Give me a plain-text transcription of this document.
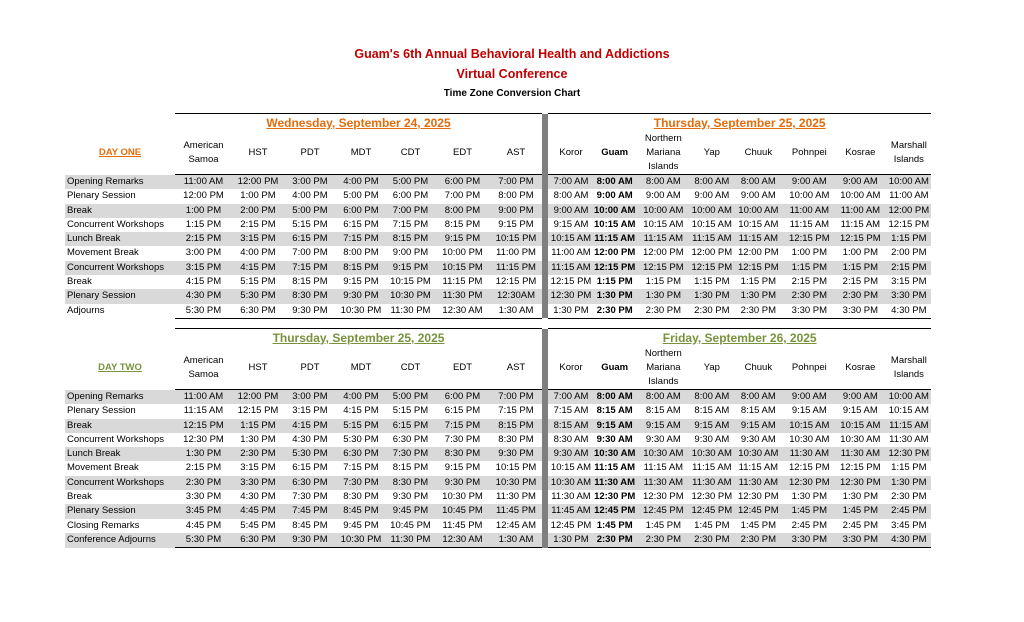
Guam's 6th Annual Behavioral Health and Addictions
Virtual Conference
Time Zone Conversion Chart
	Wednesday, September 24, 2025								Thursday, September 25, 2025							
DAY ONE	American Samoa	HST	PDT	MDT	CDT	EDT	AST		Koror	Guam	Northern Mariana Islands	Yap	Chuuk	Pohnpei	Kosrae	Marshall Islands
Opening Remarks	11:00 AM	12:00 PM	3:00 PM	4:00 PM	5:00 PM	6:00 PM	7:00 PM		7:00 AM	8:00 AM	8:00 AM	8:00 AM	8:00 AM	9:00 AM	9:00 AM	10:00 AM
Plenary Session	12:00 PM	1:00 PM	4:00 PM	5:00 PM	6:00 PM	7:00 PM	8:00 PM		8:00 AM	9:00 AM	9:00 AM	9:00 AM	9:00 AM	10:00 AM	10:00 AM	11:00 AM
Break	1:00 PM	2:00 PM	5:00 PM	6:00 PM	7:00 PM	8:00 PM	9:00 PM		9:00 AM	10:00 AM	10:00 AM	10:00 AM	10:00 AM	11:00 AM	11:00 AM	12:00 PM
Concurrent Workshops	1:15 PM	2:15 PM	5:15 PM	6:15 PM	7:15 PM	8:15 PM	9:15 PM		9:15 AM	10:15 AM	10:15 AM	10:15 AM	10:15 AM	11:15 AM	11:15 AM	12:15 PM
Lunch Break	2:15 PM	3:15 PM	6:15 PM	7:15 PM	8:15 PM	9:15 PM	10:15 PM		10:15 AM	11:15 AM	11:15 AM	11:15 AM	11:15 AM	12:15 PM	12:15 PM	1:15 PM
Movement Break	3:00 PM	4:00 PM	7:00 PM	8:00 PM	9:00 PM	10:00 PM	11:00 PM		11:00 AM	12:00 PM	12:00 PM	12:00 PM	12:00 PM	1:00 PM	1:00 PM	2:00 PM
Concurrent Workshops	3:15 PM	4:15 PM	7:15 PM	8:15 PM	9:15 PM	10:15 PM	11:15 PM		11:15 AM	12:15 PM	12:15 PM	12:15 PM	12:15 PM	1:15 PM	1:15 PM	2:15 PM
Break	4:15 PM	5:15 PM	8:15 PM	9:15 PM	10:15 PM	11:15 PM	12:15 PM		12:15 PM	1:15 PM	1:15 PM	1:15 PM	1:15 PM	2:15 PM	2:15 PM	3:15 PM
Plenary Session	4:30 PM	5:30 PM	8:30 PM	9:30 PM	10:30 PM	11:30 PM	12:30AM		12:30 PM	1:30 PM	1:30 PM	1:30 PM	1:30 PM	2:30 PM	2:30 PM	3:30 PM
Adjourns	5:30 PM	6:30 PM	9:30 PM	10:30 PM	11:30 PM	12:30 AM	1:30 AM		1:30 PM	2:30 PM	2:30 PM	2:30 PM	2:30 PM	3:30 PM	3:30 PM	4:30 PM
	Thursday, September 25, 2025								Friday, September 26, 2025							
DAY TWO	American Samoa	HST	PDT	MDT	CDT	EDT	AST		Koror	Guam	Northern Mariana Islands	Yap	Chuuk	Pohnpei	Kosrae	Marshall Islands
Opening Remarks	11:00 AM	12:00 PM	3:00 PM	4:00 PM	5:00 PM	6:00 PM	7:00 PM		7:00 AM	8:00 AM	8:00 AM	8:00 AM	8:00 AM	9:00 AM	9:00 AM	10:00 AM
Plenary Session	11:15 AM	12:15 PM	3:15 PM	4:15 PM	5:15 PM	6:15 PM	7:15 PM		7:15 AM	8:15 AM	8:15 AM	8:15 AM	8:15 AM	9:15 AM	9:15 AM	10:15 AM
Break	12:15 PM	1:15 PM	4:15 PM	5:15 PM	6:15 PM	7:15 PM	8:15 PM		8:15 AM	9:15 AM	9:15 AM	9:15 AM	9:15 AM	10:15 AM	10:15 AM	11:15 AM
Concurrent Workshops	12:30 PM	1:30 PM	4:30 PM	5:30 PM	6:30 PM	7:30 PM	8:30 PM		8:30 AM	9:30 AM	9:30 AM	9:30 AM	9:30 AM	10:30 AM	10:30 AM	11:30 AM
Lunch Break	1:30 PM	2:30 PM	5:30 PM	6:30 PM	7:30 PM	8:30 PM	9:30 PM		9:30 AM	10:30 AM	10:30 AM	10:30 AM	10:30 AM	11:30 AM	11:30 AM	12:30 PM
Movement Break	2:15 PM	3:15 PM	6:15 PM	7:15 PM	8:15 PM	9:15 PM	10:15 PM		10:15 AM	11:15 AM	11:15 AM	11:15 AM	11:15 AM	12:15 PM	12:15 PM	1:15 PM
Concurrent Workshops	2:30 PM	3:30 PM	6:30 PM	7:30 PM	8:30 PM	9:30 PM	10:30 PM		10:30 AM	11:30 AM	11:30 AM	11:30 AM	11:30 AM	12:30 PM	12:30 PM	1:30 PM
Break	3:30 PM	4:30 PM	7:30 PM	8:30 PM	9:30 PM	10:30 PM	11:30 PM		11:30 AM	12:30 PM	12:30 PM	12:30 PM	12:30 PM	1:30 PM	1:30 PM	2:30 PM
Plenary Session	3:45 PM	4:45 PM	7:45 PM	8:45 PM	9:45 PM	10:45 PM	11:45 PM		11:45 AM	12:45 PM	12:45 PM	12:45 PM	12:45 PM	1:45 PM	1:45 PM	2:45 PM
Closing Remarks	4:45 PM	5:45 PM	8:45 PM	9:45 PM	10:45 PM	11:45 PM	12:45 AM		12:45 PM	1:45 PM	1:45 PM	1:45 PM	1:45 PM	2:45 PM	2:45 PM	3:45 PM
Conference Adjourns	5:30 PM	6:30 PM	9:30 PM	10:30 PM	11:30 PM	12:30 AM	1:30 AM		1:30 PM	2:30 PM	2:30 PM	2:30 PM	2:30 PM	3:30 PM	3:30 PM	4:30 PM
